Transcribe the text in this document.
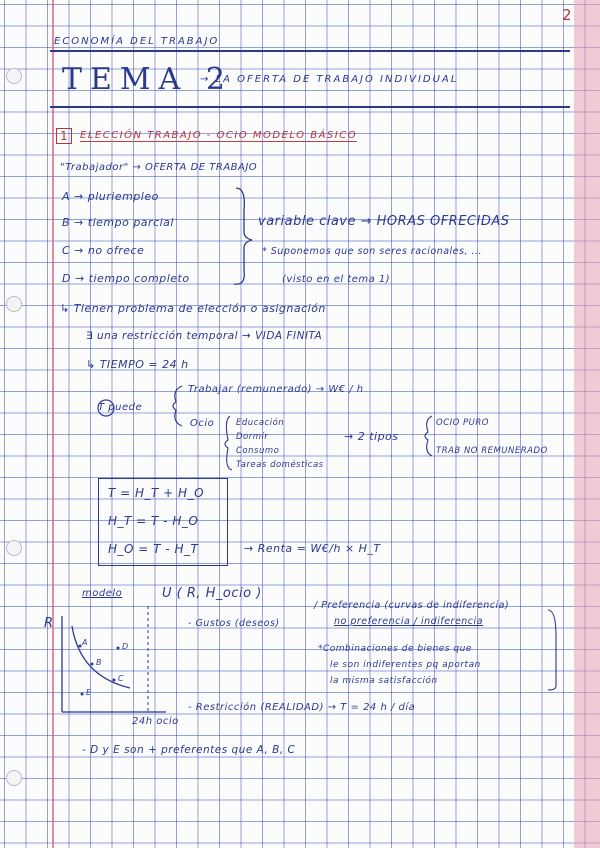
2
ECONOMÍA DEL TRABAJO
TEMA 2
→ LA OFERTA DE TRABAJO INDIVIDUAL
1	ELECCIÓN TRABAJO - OCIO MODELO BÁSICO
"Trabajador" → OFERTA DE TRABAJO
A → pluriempleo
B → tiempo parcial
C → no ofrece
D → tiempo completo
variable clave → HORAS OFRECIDAS
* Suponemos que son seres racionales, ...
(visto en el tema 1)
↳ Tienen problema de elección o asignación
∃ una restricción temporal → VIDA FINITA
↳ TIEMPO = 24 h
T puede
Trabajar (remunerado) → W€ / h
Ocio	Educación
Dormir
Consumo
Tareas domésticas
→ 2 tipos
OCIO PURO
TRAB NO REMUNERADO
T = H_T + H_O
H_T = T - H_O
H_O = T - H_T	→ Renta = W€/h × H_T
modelo	U ( R, H_ocio )
- Gustos (deseos)
/ Preferencia (curvas de indiferencia)
no preferencia / indiferencia
*Combinaciones de bienes que
le son indiferentes pq aportan
la misma satisfacción
- Restricción (REALIDAD) → T = 24 h / día
- D y E son + preferentes que A, B, C
R
24h ocio
A
B
C
D
E
